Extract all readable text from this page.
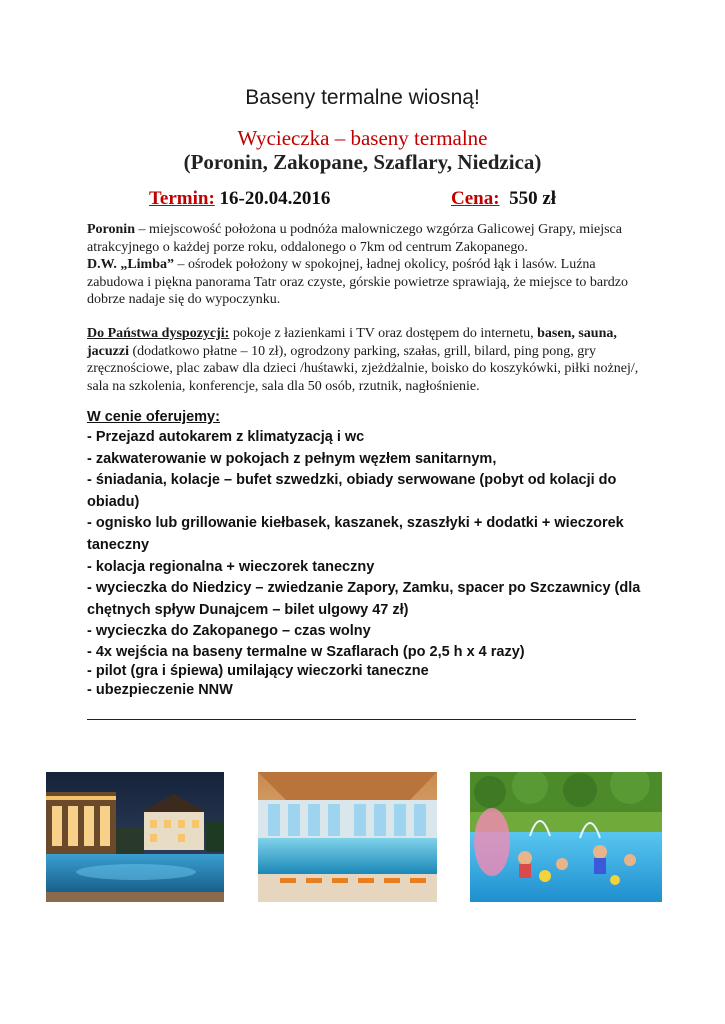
Baseny termalne wiosną!
Wycieczka – baseny termalne
(Poronin, Zakopane, Szaflary, Niedzica)
Termin: 16-20.04.2016	Cena: 550 zł
Poronin – miejscowość położona u podnóża malowniczego wzgórza Galicowej Grapy, miejsca atrakcyjnego o każdej porze roku, oddalonego o 7km od centrum Zakopanego.
D.W. „Limba” – ośrodek położony w spokojnej, ładnej okolicy, pośród łąk i lasów. Luźna zabudowa i piękna panorama Tatr oraz czyste, górskie powietrze sprawiają, że miejsce to bardzo dobrze nadaje się do wypoczynku.
Do Państwa dyspozycji: pokoje z łazienkami i TV oraz dostępem do internetu, basen, sauna, jacuzzi (dodatkowo płatne – 10 zł), ogrodzony parking, szałas, grill, bilard, ping pong, gry zręcznościowe, plac zabaw dla dzieci /huśtawki, zjeżdżalnie, boisko do koszykówki, piłki nożnej/, sala na szkolenia, konferencje, sala dla 50 osób, rzutnik, nagłośnienie.
W cenie oferujemy:
- Przejazd autokarem z klimatyzacją i wc
- zakwaterowanie w pokojach z pełnym węzłem sanitarnym,
- śniadania, kolacje – bufet szwedzki, obiady serwowane (pobyt od kolacji do obiadu)
- ognisko lub grillowanie kiełbasek, kaszanek, szaszłyki + dodatki + wieczorek taneczny
- kolacja regionalna + wieczorek taneczny
- wycieczka do Niedzicy – zwiedzanie Zapory, Zamku, spacer po Szczawnicy (dla chętnych spływ Dunajcem – bilet ulgowy 47 zł)
- wycieczka do Zakopanego – czas wolny
- 4x wejścia na baseny termalne w Szaflarach (po 2,5 h x 4 razy)
- pilot (gra i śpiewa) umilający wieczorki taneczne
- ubezpieczenie NNW
